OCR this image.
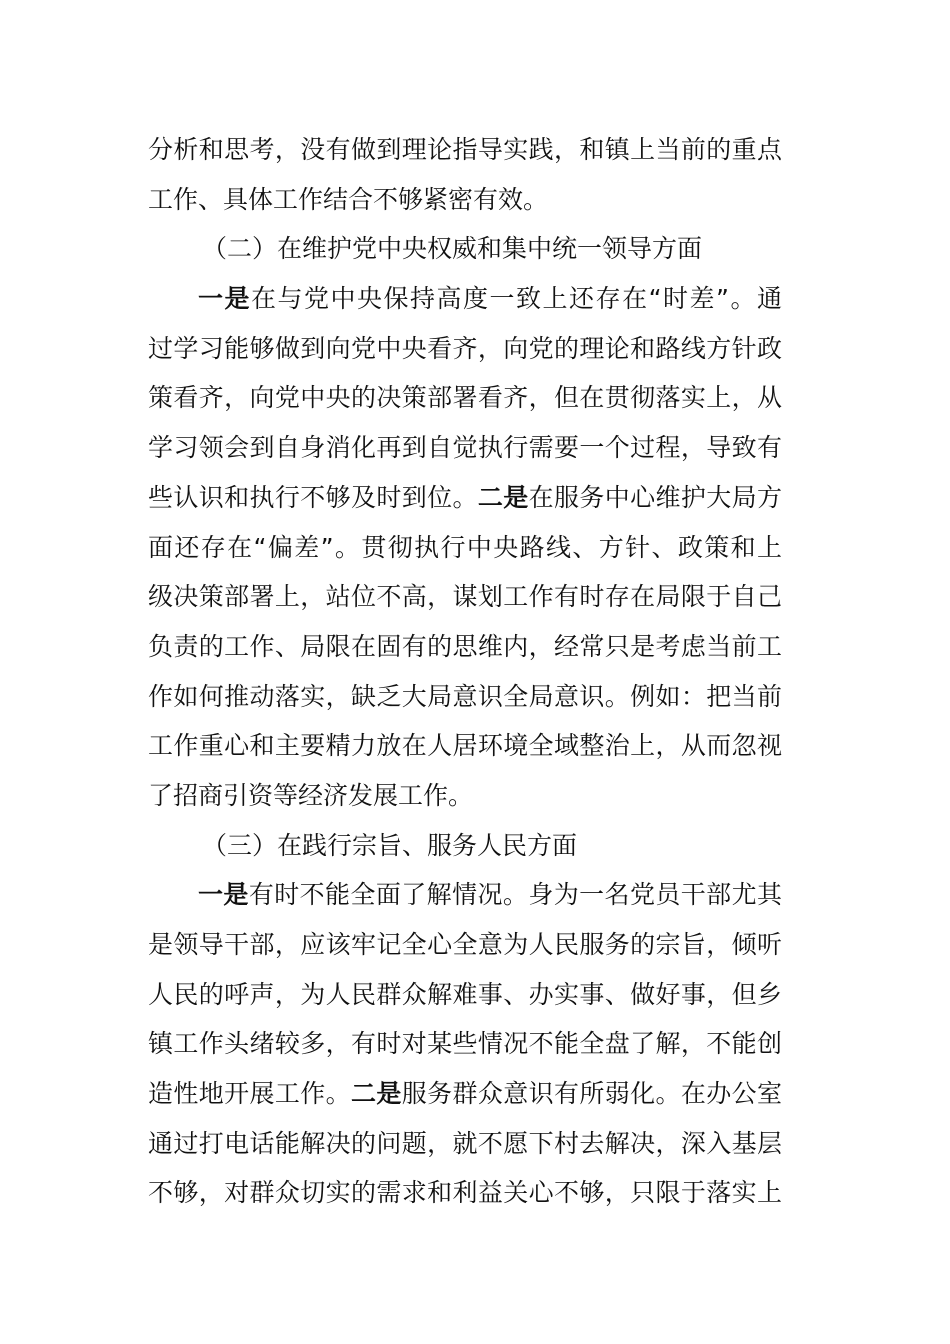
分析和思考，没有做到理论指导实践，和镇上当前的重点
工作、具体工作结合不够紧密有效。
（二）在维护党中央权威和集中统一领导方面
一是在与党中央保持高度一致上还存在“时差”。通
过学习能够做到向党中央看齐，向党的理论和路线方针政
策看齐，向党中央的决策部署看齐，但在贯彻落实上，从
学习领会到自身消化再到自觉执行需要一个过程，导致有
些认识和执行不够及时到位。二是在服务中心维护大局方
面还存在“偏差”。贯彻执行中央路线、方针、政策和上
级决策部署上，站位不高，谋划工作有时存在局限于自己
负责的工作、局限在固有的思维内，经常只是考虑当前工
作如何推动落实，缺乏大局意识全局意识。例如：把当前
工作重心和主要精力放在人居环境全域整治上，从而忽视
了招商引资等经济发展工作。
（三）在践行宗旨、服务人民方面
一是有时不能全面了解情况。身为一名党员干部尤其
是领导干部，应该牢记全心全意为人民服务的宗旨，倾听
人民的呼声，为人民群众解难事、办实事、做好事，但乡
镇工作头绪较多，有时对某些情况不能全盘了解，不能创
造性地开展工作。二是服务群众意识有所弱化。在办公室
通过打电话能解决的问题，就不愿下村去解决，深入基层
不够，对群众切实的需求和利益关心不够，只限于落实上
